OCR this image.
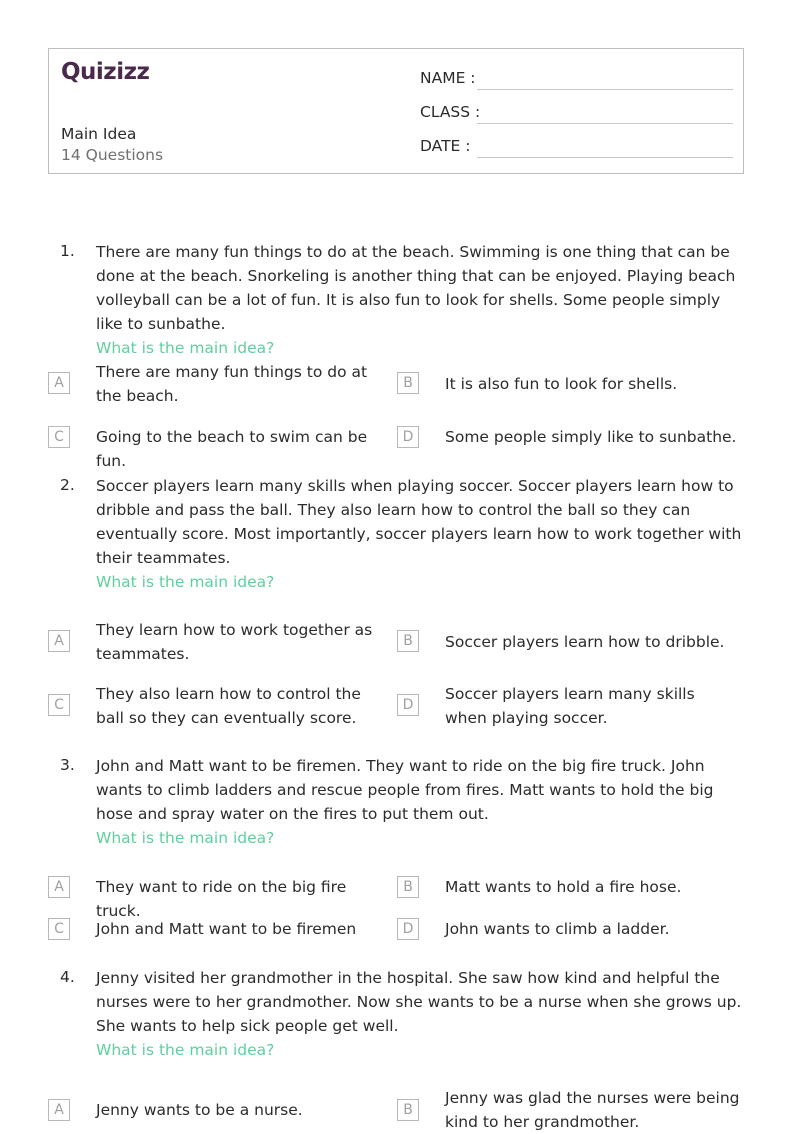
Quizizz
Main Idea
14 Questions
NAME :
CLASS :
DATE :
1. There are many fun things to do at the beach. Swimming is one thing that can be done at the beach. Snorkeling is another thing that can be enjoyed. Playing beach volleyball can be a lot of fun. It is also fun to look for shells. Some people simply like to sunbathe.
What is the main idea?
A
There are many fun things to do at the beach.
B	It is also fun to look for shells.
C	Going to the beach to swim can be fun.
D	Some people simply like to sunbathe.
2. Soccer players learn many skills when playing soccer. Soccer players learn how to dribble and pass the ball. They also learn how to control the ball so they can eventually score. Most importantly, soccer players learn how to work together with their teammates.
What is the main idea?
A
They learn how to work together as teammates.
B	Soccer players learn how to dribble.
C
They also learn how to control the ball so they can eventually score.
D
Soccer players learn many skills when playing soccer.
3. John and Matt want to be firemen. They want to ride on the big fire truck. John wants to climb ladders and rescue people from fires. Matt wants to hold the big hose and spray water on the fires to put them out.
What is the main idea?
A	They want to ride on the big fire truck.
B	Matt wants to hold a fire hose.
C	John and Matt want to be firemen	D	John wants to climb a ladder.
4. Jenny visited her grandmother in the hospital. She saw how kind and helpful the nurses were to her grandmother. Now she wants to be a nurse when she grows up. She wants to help sick people get well.
What is the main idea?
A	Jenny wants to be a nurse.	B
Jenny was glad the nurses were being kind to her grandmother.
